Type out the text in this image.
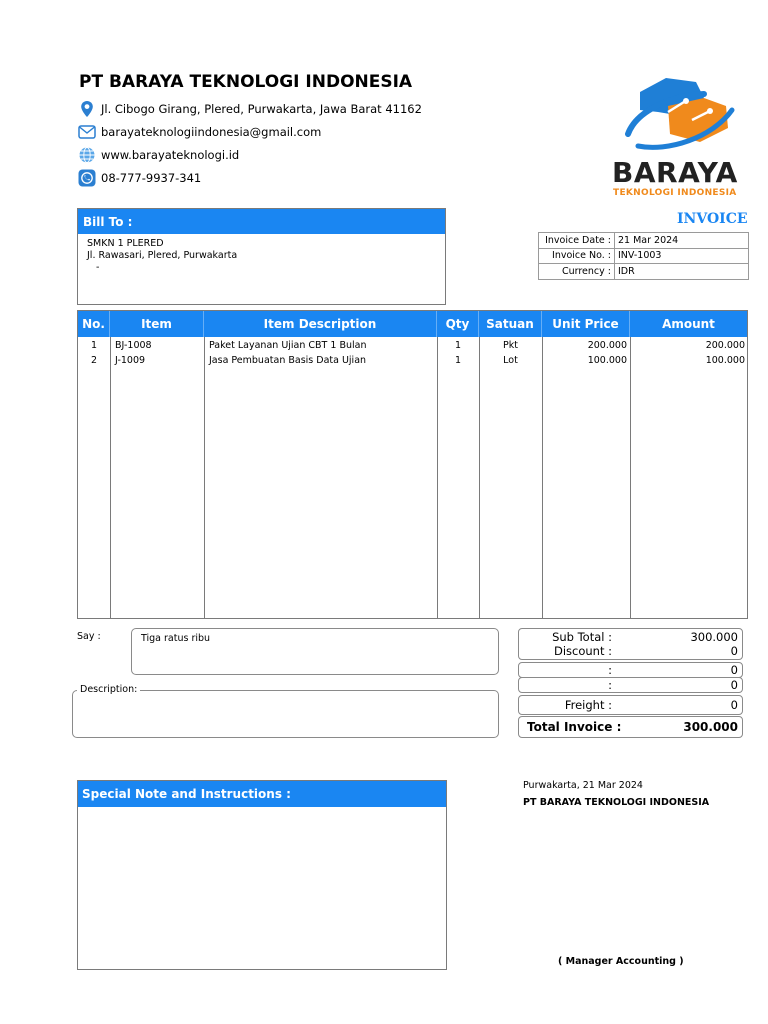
PT BARAYA TEKNOLOGI INDONESIA
Jl. Cibogo Girang, Plered, Purwakarta, Jawa Barat 41162
barayateknologiindonesia@gmail.com
www.barayateknologi.id
08-777-9937-341	BARAYA
TEKNOLOGI INDONESIA
Bill To :
SMKN 1 PLERED
Jl. Rawasari, Plered, Purwakarta
-
INVOICE
Invoice Date :	21 Mar 2024
Invoice No. :	INV-1003
Currency :	IDR
No.	Item	Item Description	Qty	Satuan	Unit Price	Amount
1	BJ-1008	Paket Layanan Ujian CBT 1 Bulan	1	Pkt	200.000	200.000
2	J-1009	Jasa Pembuatan Basis Data Ujian	1	Lot	100.000	100.000
Say :	Tiga ratus ribu
Description:
Sub Total :	300.000
Discount :	0
:	0
:	0
Freight :	0
Total Invoice :	300.000
Special Note and Instructions :
Purwakarta, 21 Mar 2024
PT BARAYA TEKNOLOGI INDONESIA
( Manager Accounting )
